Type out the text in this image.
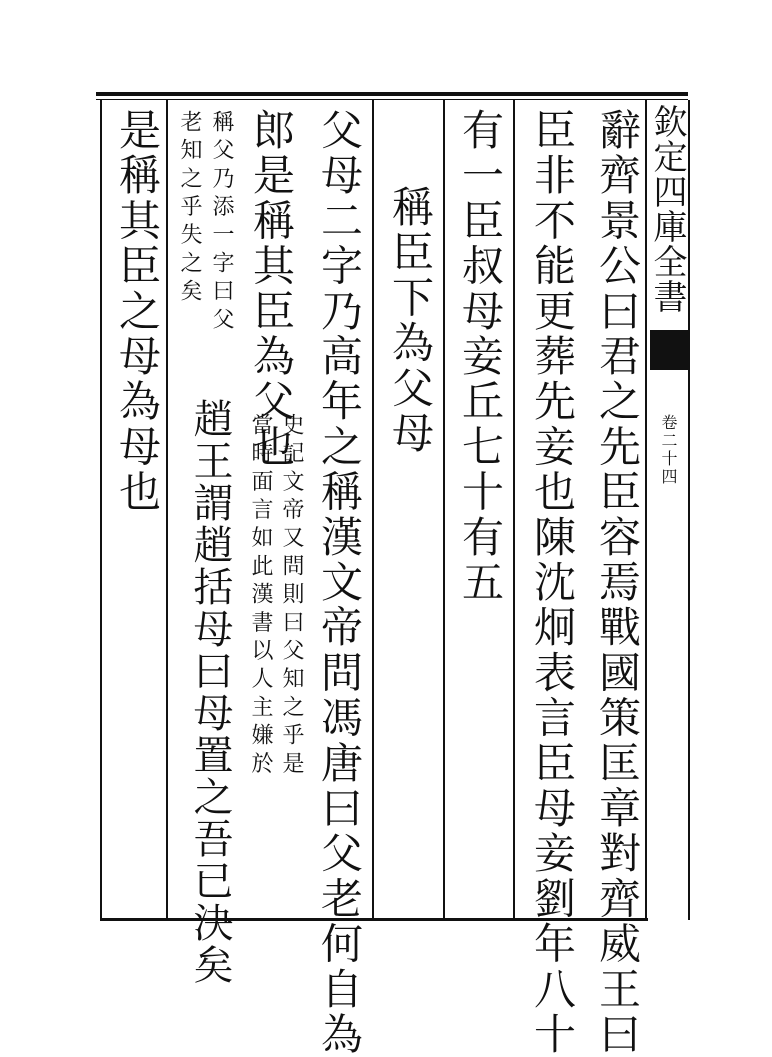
欽定四庫全書
卷二十四
辭齊景公曰君之先臣容焉戰國策匡章對齊威王曰
臣非不能更葬先妾也陳沈炯表言臣母妾劉年八十
有一臣叔母妾丘七十有五
稱臣下為父母
父母二字乃高年之稱漢文帝問馮唐曰父老何自為
郎是稱其臣為父也
史記文帝又問則曰父知之乎是
當時面言如此漢書以人主嫌於
稱父乃添一字曰父
老知之乎失之矣
趙王謂趙括母曰母置之吾已決矣
是稱其臣之母為母也
